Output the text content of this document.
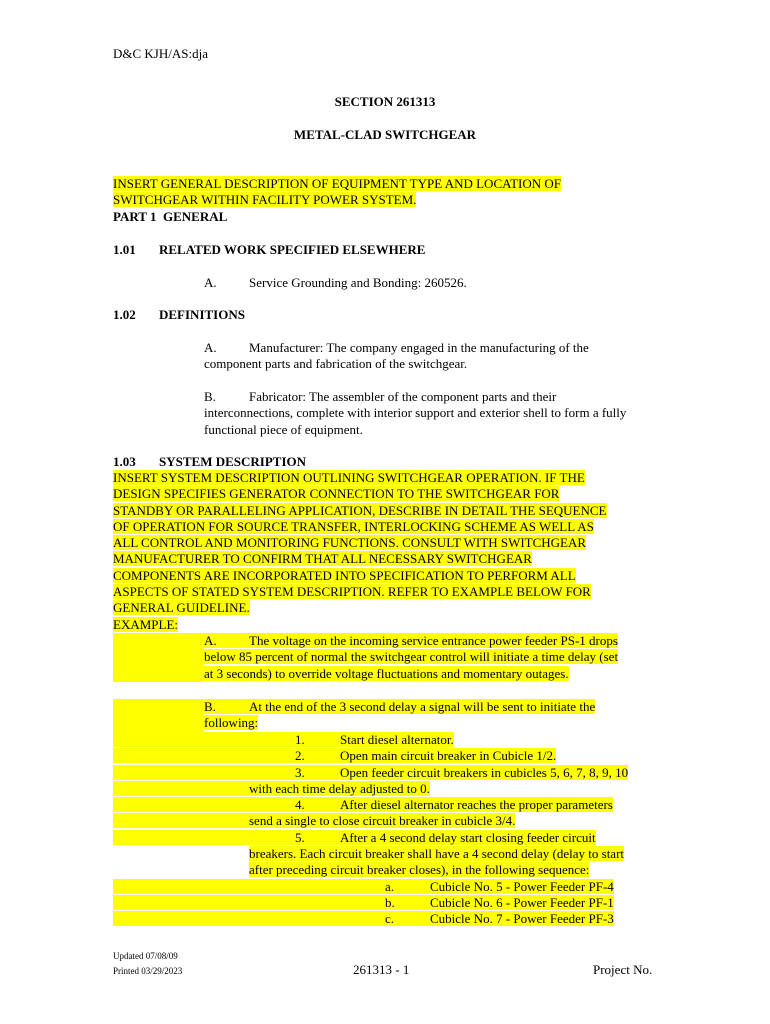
D&C KJH/AS:dja
SECTION 261313
METAL-CLAD SWITCHGEAR
INSERT GENERAL DESCRIPTION OF EQUIPMENT TYPE AND LOCATION OF
SWITCHGEAR WITHIN FACILITY POWER SYSTEM.
PART 1 GENERAL
1.01 RELATED WORK SPECIFIED ELSEWHERE
A. Service Grounding and Bonding: 260526.
1.02 DEFINITIONS
A. Manufacturer: The company engaged in the manufacturing of the
component parts and fabrication of the switchgear.
B.	Fabricator: The assembler of the component parts and their
interconnections, complete with interior support and exterior shell to form a fully
functional piece of equipment.
1.03 SYSTEM DESCRIPTION
INSERT SYSTEM DESCRIPTION OUTLINING SWITCHGEAR OPERATION. IF THE
DESIGN SPECIFIES GENERATOR CONNECTION TO THE SWITCHGEAR FOR
STANDBY OR PARALLELING APPLICATION, DESCRIBE IN DETAIL THE SEQUENCE
OF OPERATION FOR SOURCE TRANSFER, INTERLOCKING SCHEME AS WELL AS
ALL CONTROL AND MONITORING FUNCTIONS. CONSULT WITH SWITCHGEAR
MANUFACTURER TO CONFIRM THAT ALL NECESSARY SWITCHGEAR
COMPONENTS ARE INCORPORATED INTO SPECIFICATION TO PERFORM ALL
ASPECTS OF STATED SYSTEM DESCRIPTION. REFER TO EXAMPLE BELOW FOR
GENERAL GUIDELINE.
EXAMPLE:
A. The voltage on the incoming service entrance power feeder PS-1 drops
below 85 percent of normal the switchgear control will initiate a time delay (set
at 3 seconds) to override voltage fluctuations and momentary outages.
B.	At the end of the 3 second delay a signal will be sent to initiate the
following:
1.	Start diesel alternator.
2.	Open main circuit breaker in Cubicle 1/2.
3.	Open feeder circuit breakers in cubicles 5, 6, 7, 8, 9, 10
with each time delay adjusted to 0.
4.	After diesel alternator reaches the proper parameters
send a single to close circuit breaker in cubicle 3/4.
5.	After a 4 second delay start closing feeder circuit
breakers. Each circuit breaker shall have a 4 second delay (delay to start
after preceding circuit breaker closes), in the following sequence:
a.	Cubicle No. 5 - Power Feeder PF-4
b.	Cubicle No. 6 - Power Feeder PF-1
c.	Cubicle No. 7 - Power Feeder PF-3
Updated 07/08/09
Printed 03/29/2023	261313 - 1	Project No.
